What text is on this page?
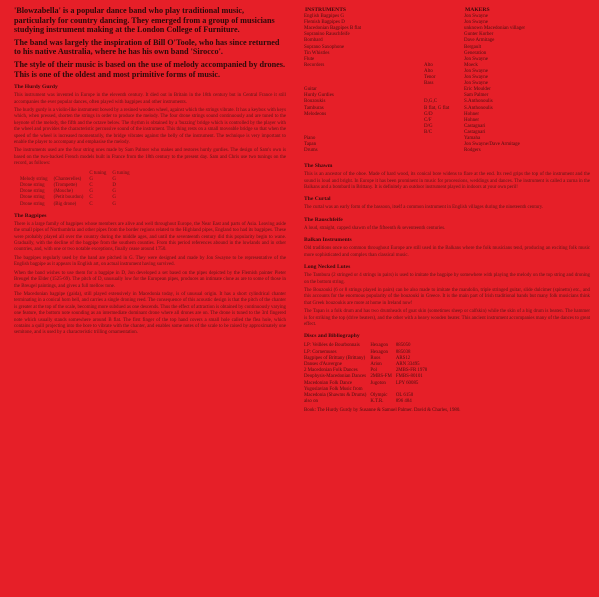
'Blowzabella' is a popular dance band who play traditional music, particularly for country dancing. They emerged from a group of musicians studying instrument making at the London College of Furniture.

The band was largely the inspiration of Bill O'Toole, who has since returned to his native Australia, where he has his own band 'Sirocco'.

The style of their music is based on the use of melody accompanied by drones. This is one of the oldest and most primitive forms of music.

The Hurdy Gurdy

This instrument was invented in Europe in the eleventh century. It died out in Britain in the 18th century but in Central France it still accompanies the ever popular dances, often played with bagpipes and other instruments.

The hurdy gurdy is a violin-like instrument bowed by a resined wooden wheel, against which the strings vibrate. It has a keybox with keys which, when pressed, shorten the strings in order to produce the melody. The four drone strings sound continuously and are tuned to the keynote of the melody, the fifth and the octave below. The rhythm is obtained by a 'buzzing' bridge which is controlled by the player with the wheel and provides the characteristic percussive sound of the instrument. This thing rests on a small moveable bridge so that when the speed of the wheel is increased momentarily, the bridge vibrates against the belly of the instrument. The technique is very important to enable the player to accompany and emphasise the melody.

The instruments used are the four string ones made by Sam Palmer who makes and restores hurdy gurdies. The design of Sam's own is based on the two-backed French models built in France from the 18th century to the present day. Sam and Chris use two tunings on the record, as follows:

		C tuning	G tuning
Melody string	(Chanterelles)	G	G
Drone string	(Trompette)	C	D
Drone string	(Mouche)	G	G
Drone string	(Petit bourdon)	C	G
Drone string	(Big drone)	C	G
The Bagpipes

There is a large family of bagpipes whose members are alive and well throughout Europe, the Near East and parts of Asia. Leaving aside the small pipes of Northumbria and other pipes from the border regions related to the Highland pipes, England too had its bagpipes. These were probably played all over the country during the middle ages, and until the seventeenth century did this popularity begin to wane. Gradually, with the decline of the bagpipe from the southern counties. From this period references abound in the lowlands and in other countries, and, with one or two notable exceptions, finally cease around 1750.

The bagpipes regularly used by the band are pitched in G. They were designed and made by Jon Swayne to be representative of the English bagpipe as it appears in English art, on actual instrument having survived.

When the band wishes to use them for a bagpipe in D, Jon developed a set based on the pipes depicted by the Flemish painter Pieter Breugel the Elder (1525-69). The pitch of D, unusually low for the European pipes, produces an intimate clone as are to some of those in the Breugel paintings, and gives a full mellow tone.

The Macedonian bagpipe (gaida), still played extensively in Macedonia today, is of unusual origin. It has a short cylindrical chanter terminating in a conical horn bell, and carries a single droning reed. The consequence of this acoustic design is that the pitch of the chanter is greater at the top of the scale, becoming more subdued as one descends. Thus the effect of attraction is obtained by continuously varying one feature, the bottom note sounding as an intermediate dominant drone where all drones are on. The drone is tuned to the 3rd fingered note which usually stands somewhere around B flat. The first finger of the top hand covers a small hole called the flea hole, which contains a quill projecting into the bore to vibrate with the chanter, and enables some notes of the scale to be raised by approximately one semitone, and is used by a characteristic trilling ornamentation.

INSTRUMENTS		MAKERS
English Bagpipes G		Jon Swayne
Flemish Bagpipes D		Jon Swayne
Macedonian Bagpipes B flat		unknown Macedonian villager
Sopranino Rauschfeife		Gunter Korber
Bombard		Dave Armitage
Soprano Saxophone		Bergault
Tin Whistles		Generation
Flute		Jon Swayne
Recorders	Alto	Moeck
	Alto	Jon Swayne
	Tenor	Jon Swayne
	Bass	Jon Swayne
Guitar		Eric Moulder
Hurdy Gurdies		Sam Palmer
Bouzoukis	D,G,C	S.Anthonoulis
Tamburas	B flat, G flat	S.Anthonoulis
Melodeons	G/D	Hohner
	C/F	Hohner
	D/G	Castagnari
	B/C	Castagnari
Piano		Yamaha
Tapan		Jon Swayne/Dave Armitage
Drums		Rodgers
The Shawm

This is an ancestor of the oboe. Made of hard wood, its conical bore widens to flare at the end. Its reed grips the top of the instrument and the sound is loud and bright. In Europe it has been prominent in music for processions, weddings and dances. The instrument is called a zurna in the Balkans and a bombard in Brittany. It is definitely an outdoor instrument played in indoors at your own peril!

The Curtal

The curtal was an early form of the bassoon, itself a common instrument in English villages during the nineteenth century.

The Rauschfeife

A loud, straight, capped shawm of the fifteenth & seventeenth centuries.

Balkan Instruments

Old traditions once so common throughout Europe are still used in the Balkans where the folk musicians tend, producing an exciting folk music more sophisticated and complex than classical music.

Long Necked Lutes

The Tambura (2 stringed or 4 strings in pairs) is used to imitate the bagpipe by somewhere with playing the melody on the top string and droning on the bottom string.

The Bouzouki (6 or 8 strings played in pairs) can be also made to imitate the mandolin, triple stringed guitar, slide dulcimer (spinetto) etc., and this accounts for the enormous popularity of the bouzouki in Greece. It is the main part of Irish traditional bands but many folk musicians think that Greek bouzoukis are more at home in Ireland now!

The Tapan is a folk drum and has two drumheads of goat skin (sometimes sheep or calfskin) while the skin of a big drum is beaten. The hammer is for striking the top (drive beaters), and the other with a heavy wooden beater. This ancient instrument accompanies many of the dances to great effect.

Discs and Bibliography
LP: Veillées de Bourbonnais	Hexagon	885050
LP: Cornemuses	Hexagon	885038
Bagpipes of Brittany (Brittany)	Ruos	ARS12
Danses d'Auvergne	Arion	ARN 33495
2 Macedonian Folk Dances	Pol	2MBS-FR 1978
Deophysis-Macedonian Dances	2MBS-FM	FMBS-80101
Macedonian Folk Dance	Jugoton	LPY 60085
Yugoslavian Folk Music from		
Macedonia (Shawms & Drums)	Olympic	OL 6150
also on	K.T.R.	896 484

Book: The Hurdy Gurdy by Susanne & Samuel Palmer. David & Charles, 1980.
